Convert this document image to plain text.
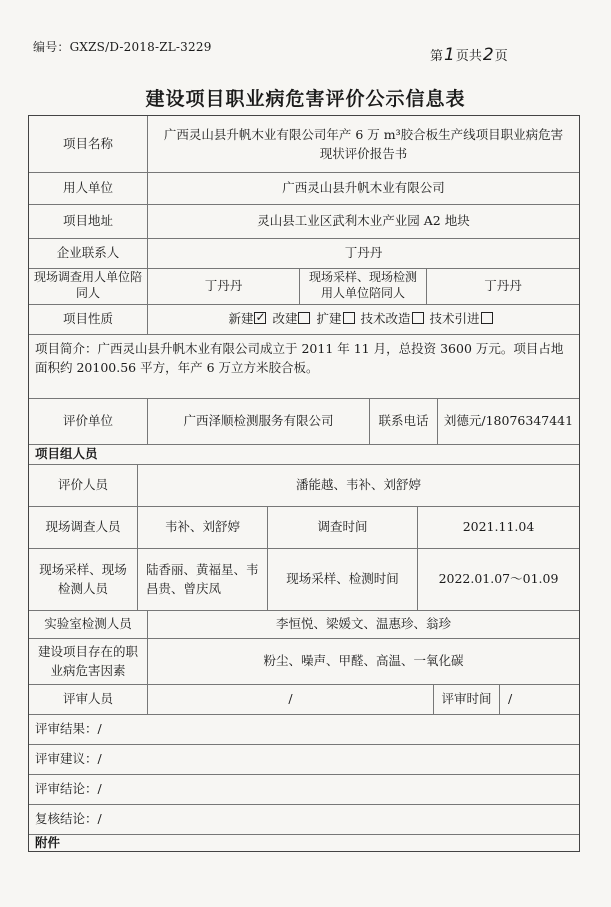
编号：GXZS/D-2018-ZL-3229
第1页共2页
建设项目职业病危害评价公示信息表
项目名称
广西灵山县升帆木业有限公司年产 6 万 m³胶合板生产线项目职业病危害现状评价报告书
用人单位	广西灵山县升帆木业有限公司
项目地址	灵山县工业区武利木业产业园 A2 地块
企业联系人	丁丹丹
现场调查用人单位陪同人	丁丹丹
现场采样、现场检测用人单位陪同人	丁丹丹
项目性质	新建✓	改建	扩建	技术改造	技术引进
项目简介：广西灵山县升帆木业有限公司成立于 2011 年 11 月，总投资 3600 万元。项目占地面积约 20100.56 平方，年产 6 万立方米胶合板。
评价单位	广西泽顺检测服务有限公司	联系电话	刘德元/18076347441
项目组人员
评价人员	潘能越、韦补、刘舒婷
现场调查人员	韦补、刘舒婷	调查时间	2021.11.04
现场采样、现场检测人员
陆香丽、黄福星、韦昌贵、曾庆凤
现场采样、检测时间	2022.01.07～01.09
实验室检测人员	李恒悦、梁媛文、温惠珍、翁珍
建设项目存在的职业病危害因素
粉尘、噪声、甲醛、高温、一氧化碳
评审人员	/	评审时间	/
评审结果：/
评审建议：/
评审结论：/
复核结论：/
附件
